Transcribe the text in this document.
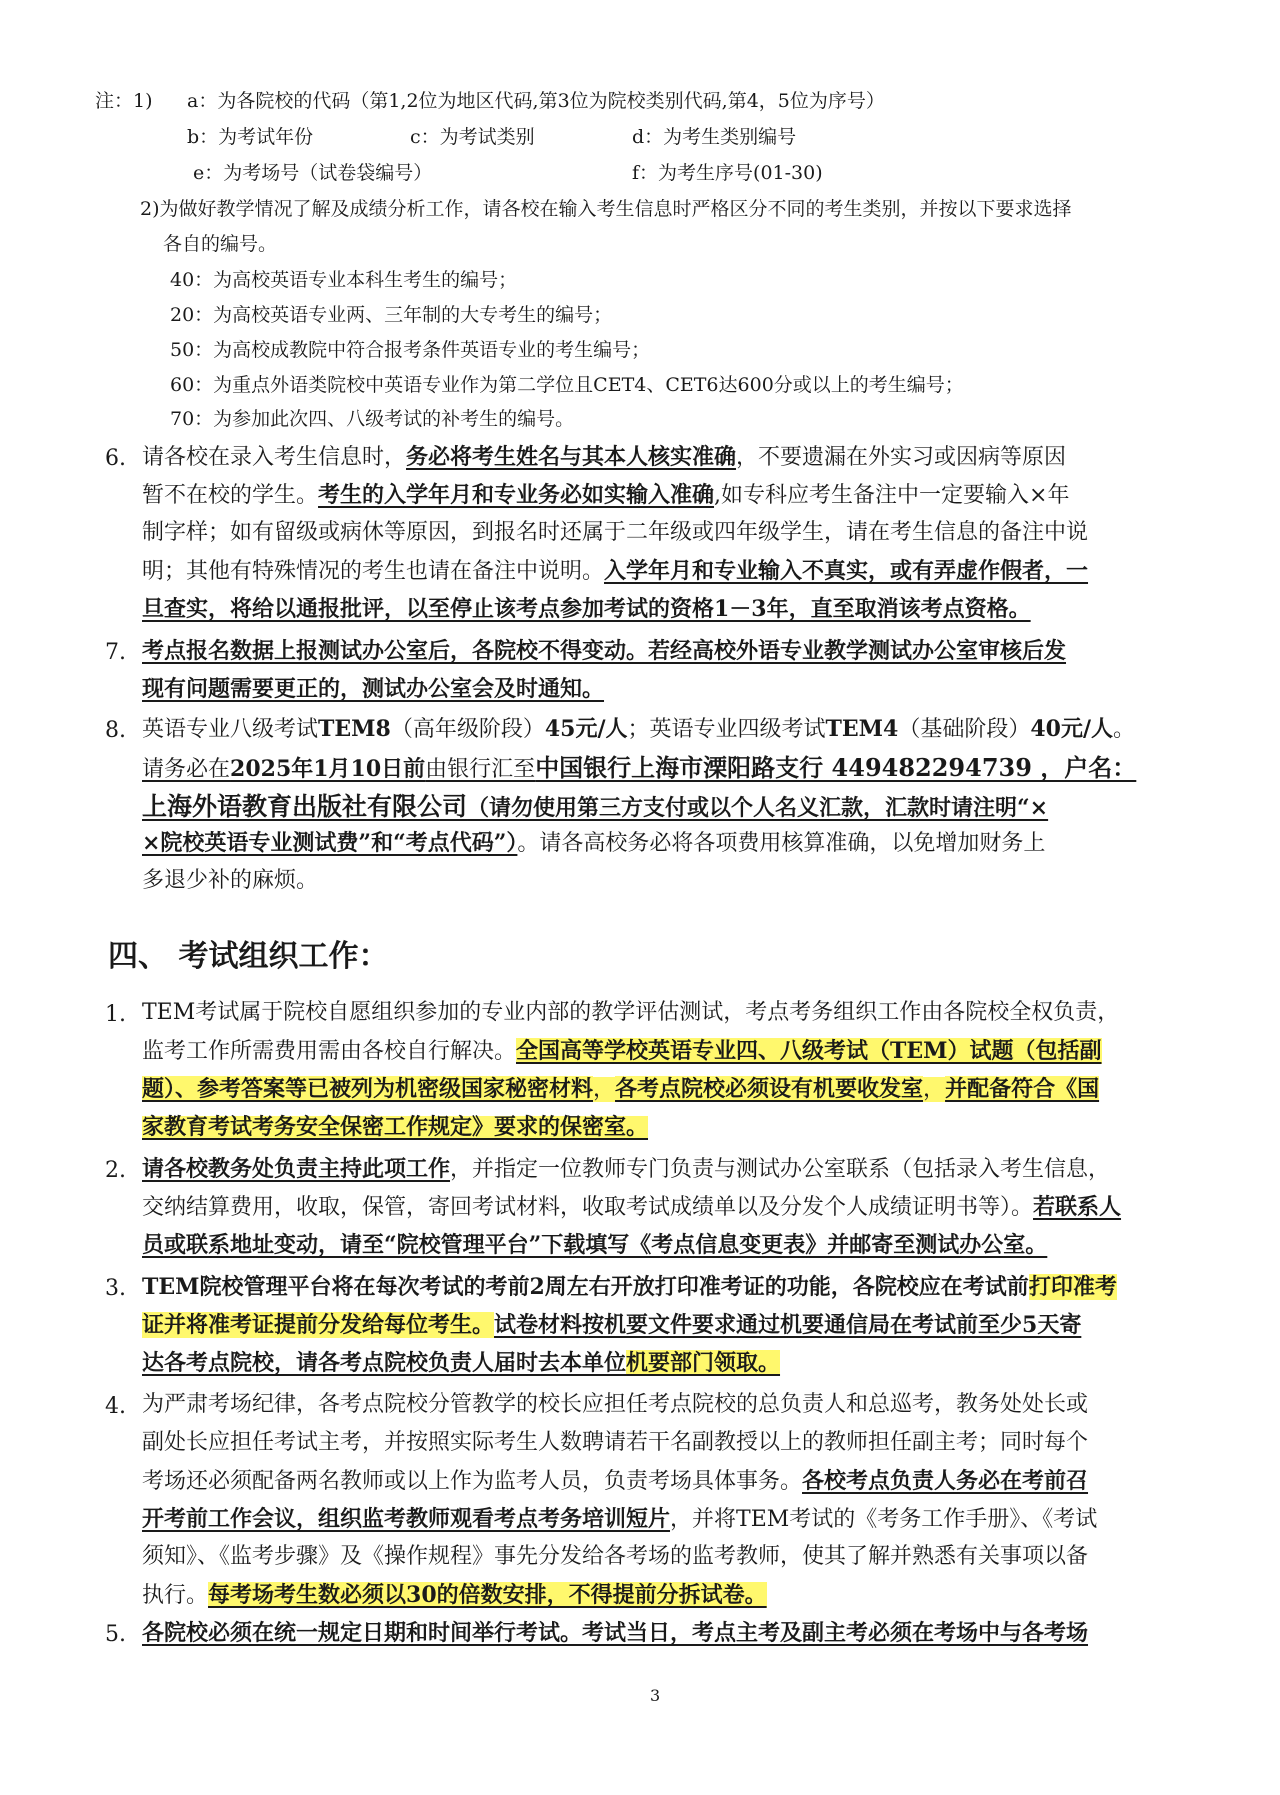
注：1) a：为各院校的代码（第1,2位为地区代码,第3位为院校类别代码,第4，5位为序号）
b：为考试年份	c：为考试类别	d：为考生类别编号
e：为考场号（试卷袋编号）	f：为考生序号(01-30)
2)为做好教学情况了解及成绩分析工作，请各校在输入考生信息时严格区分不同的考生类别，并按以下要求选择
各自的编号。
40：为高校英语专业本科生考生的编号；
20：为高校英语专业两、三年制的大专考生的编号；
50：为高校成教院中符合报考条件英语专业的考生编号；
60：为重点外语类院校中英语专业作为第二学位且CET4、CET6达600分或以上的考生编号；
70：为参加此次四、八级考试的补考生的编号。
6. 请各校在录入考生信息时，务必将考生姓名与其本人核实准确，不要遗漏在外实习或因病等原因
暂不在校的学生。考生的入学年月和专业务必如实输入准确,如专科应考生备注中一定要输入×年
制字样；如有留级或病休等原因，到报名时还属于二年级或四年级学生，请在考生信息的备注中说
明；其他有特殊情况的考生也请在备注中说明。入学年月和专业输入不真实，或有弄虚作假者，一
旦查实，将给以通报批评，以至停止该考点参加考试的资格1－3年，直至取消该考点资格。
7. 考点报名数据上报测试办公室后，各院校不得变动。若经高校外语专业教学测试办公室审核后发
现有问题需要更正的，测试办公室会及时通知。
8. 英语专业八级考试TEM8（高年级阶段）45元/人；英语专业四级考试TEM4（基础阶段）40元/人。
请务必在2025年1月10日前由银行汇至中国银行上海市溧阳路支行 449482294739 ，户名：
上海外语教育出版社有限公司（请勿使用第三方支付或以个人名义汇款，汇款时请注明“×
×院校英语专业测试费”和“考点代码”）。请各高校务必将各项费用核算准确，以免增加财务上
多退少补的麻烦。
四、 考试组织工作：
1. TEM考试属于院校自愿组织参加的专业内部的教学评估测试，考点考务组织工作由各院校全权负责，
监考工作所需费用需由各校自行解决。全国高等学校英语专业四、八级考试（TEM）试题（包括副
题）、参考答案等已被列为机密级国家秘密材料，各考点院校必须设有机要收发室，并配备符合《国
家教育考试考务安全保密工作规定》要求的保密室。
2. 请各校教务处负责主持此项工作，并指定一位教师专门负责与测试办公室联系（包括录入考生信息，
交纳结算费用，收取，保管，寄回考试材料，收取考试成绩单以及分发个人成绩证明书等）。若联系人
员或联系地址变动，请至“院校管理平台”下载填写《考点信息变更表》并邮寄至测试办公室。
3. TEM院校管理平台将在每次考试的考前2周左右开放打印准考证的功能，各院校应在考试前打印准考
证并将准考证提前分发给每位考生。试卷材料按机要文件要求通过机要通信局在考试前至少5天寄
达各考点院校，请各考点院校负责人届时去本单位机要部门领取。
4. 为严肃考场纪律，各考点院校分管教学的校长应担任考点院校的总负责人和总巡考，教务处处长或
副处长应担任考试主考，并按照实际考生人数聘请若干名副教授以上的教师担任副主考；同时每个
考场还必须配备两名教师或以上作为监考人员，负责考场具体事务。各校考点负责人务必在考前召
开考前工作会议，组织监考教师观看考点考务培训短片，并将TEM考试的《考务工作手册》、《考试
须知》、《监考步骤》及《操作规程》事先分发给各考场的监考教师，使其了解并熟悉有关事项以备
执行。每考场考生数必须以30的倍数安排，不得提前分拆试卷。
5. 各院校必须在统一规定日期和时间举行考试。考试当日，考点主考及副主考必须在考场中与各考场
3
